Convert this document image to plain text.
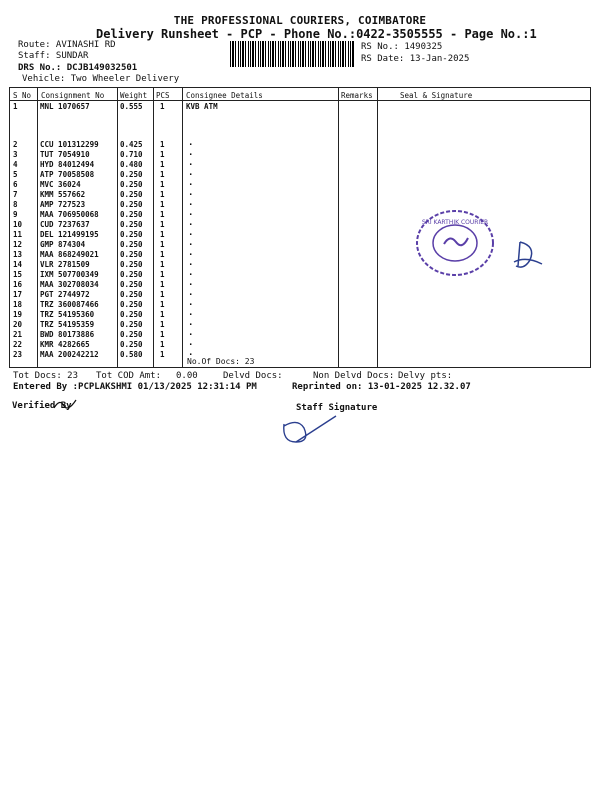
THE PROFESSIONAL COURIERS, COIMBATORE
Delivery Runsheet - PCP - Phone No.:0422-3505555 - Page No.:1
Route: AVINASHI RD
Staff: SUNDAR
DRS No.: DCJB149032501
Vehicle: Two Wheeler Delivery
RS No.: 1490325
RS Date: 13-Jan-2025
S No Consignment No Weight PCS Consignee Details	Remarks	Seal & Signature
1	MNL 1070657	0.555 1	KVB ATM
2	CCU 101312299	0.425 1	.
3	TUT 7054910	0.710 1	.
4	HYD 84012494	0.480 1	.
5	ATP 70058508	0.250 1	.
6	MVC 36024	0.250 1	.
7	KMM 557662	0.250 1	.
8	AMP 727523	0.250 1	.
9	MAA 706950068	0.250 1	.
10 CUD 7237637	0.250 1	.
11 DEL 121499195	0.250 1	.
12 GMP 874304	0.250 1	.
13 MAA 868249021	0.250 1	.
14 VLR 2781509	0.250 1	.
15 IXM 507700349	0.250 1	.
16 MAA 302708034	0.250 1	.
17 PGT 2744972	0.250 1	.
18 TRZ 360087466	0.250 1	.
19 TRZ 54195360	0.250 1	.
20 TRZ 54195359	0.250 1	.
21 BWD 80173886	0.250 1	.
22 KMR 4282665	0.250 1	.
23 MAA 200242212	0.580 1	.
No.Of Docs: 23
SRI KARTHIK COURIER
Tot Docs: 23 Tot COD Amt: 0.00	Delvd Docs:	Non Delvd Docs: Delvy pts:
Entered By :PCPLAKSHMI 01/13/2025 12:31:14 PM	Reprinted on: 13-01-2025 12.32.07
Verified By	Staff Signature
